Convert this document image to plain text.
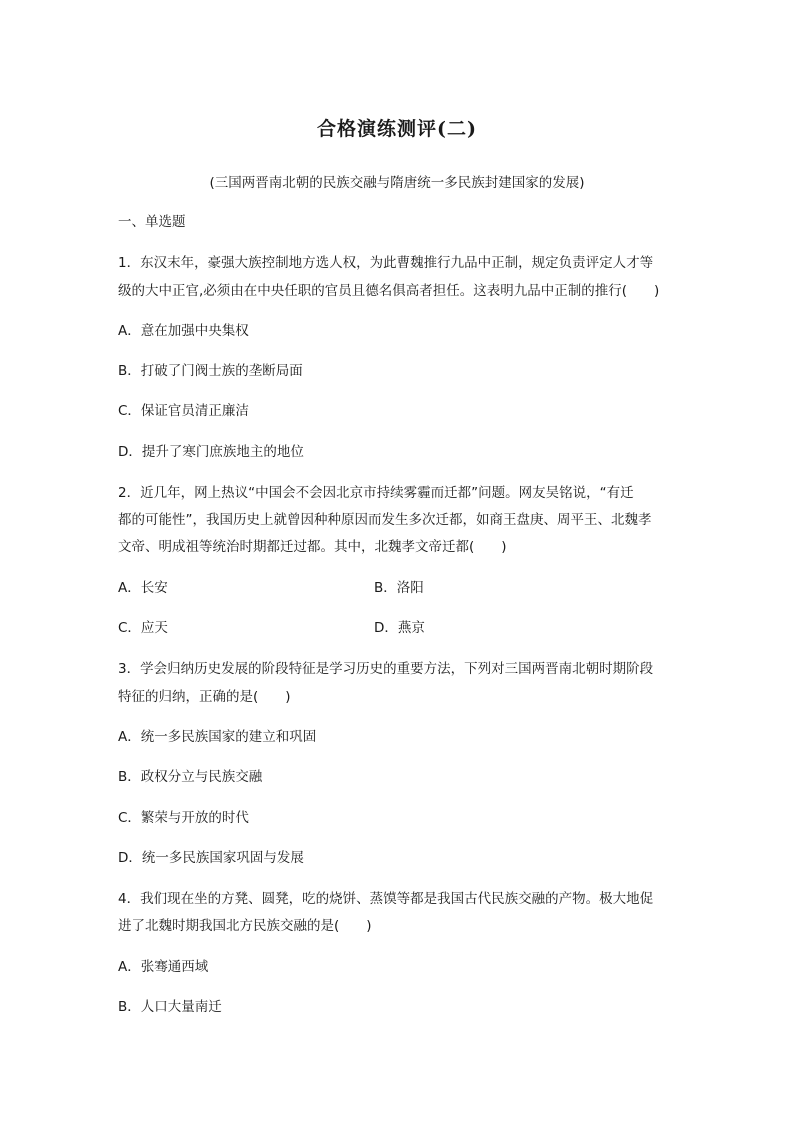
合格演练测评(二)
(三国两晋南北朝的民族交融与隋唐统一多民族封建国家的发展)
一、单选题
1．东汉末年，豪强大族控制地方选人权，为此曹魏推行九品中正制，规定负责评定人才等
级的大中正官,必须由在中央任职的官员且德名俱高者担任。这表明九品中正制的推行(　　)
A．意在加强中央集权
B．打破了门阀士族的垄断局面
C．保证官员清正廉洁
D．提升了寒门庶族地主的地位
2．近几年，网上热议“中国会不会因北京市持续雾霾而迁都”问题。网友吴铭说，“有迁
都的可能性”，我国历史上就曾因种种原因而发生多次迁都，如商王盘庚、周平王、北魏孝
文帝、明成祖等统治时期都迁过都。其中，北魏孝文帝迁都(　　)
A．长安	B．洛阳
C．应天	D．燕京
3．学会归纳历史发展的阶段特征是学习历史的重要方法，下列对三国两晋南北朝时期阶段
特征的归纳，正确的是(　　)
A．统一多民族国家的建立和巩固
B．政权分立与民族交融
C．繁荣与开放的时代
D．统一多民族国家巩固与发展
4．我们现在坐的方凳、圆凳，吃的烧饼、蒸馍等都是我国古代民族交融的产物。极大地促
进了北魏时期我国北方民族交融的是(　　)
A．张骞通西域
B．人口大量南迁
